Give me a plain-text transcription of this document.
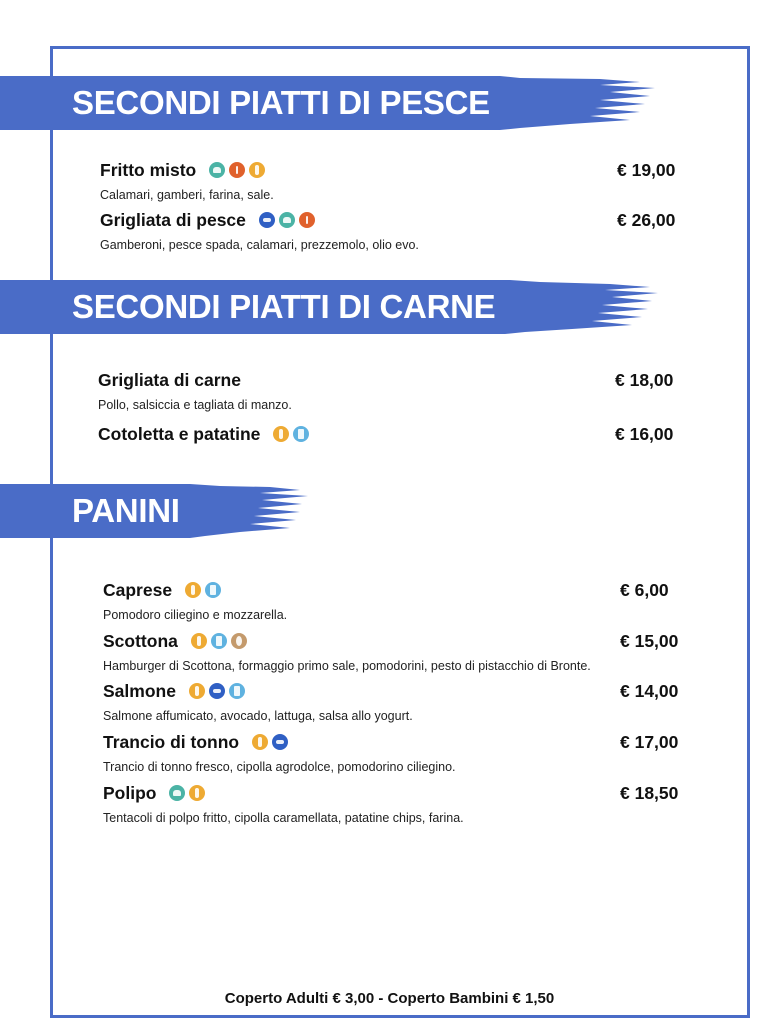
SECONDI PIATTI DI PESCE
Fritto misto	€ 19,00
Calamari, gamberi, farina, sale.
Grigliata di pesce	€ 26,00
Gamberoni, pesce spada, calamari, prezzemolo, olio evo.
SECONDI PIATTI DI CARNE
Grigliata di carne	€ 18,00
Pollo, salsiccia e tagliata di manzo.
Cotoletta e patatine	€ 16,00
PANINI
Caprese	€ 6,00
Pomodoro ciliegino e mozzarella.
Scottona	€ 15,00
Hamburger di Scottona, formaggio primo sale, pomodorini, pesto di pistacchio di Bronte.
Salmone	€ 14,00
Salmone affumicato, avocado, lattuga, salsa allo yogurt.
Trancio di tonno	€ 17,00
Trancio di tonno fresco, cipolla agrodolce, pomodorino ciliegino.
Polipo	€ 18,50
Tentacoli di polpo fritto, cipolla caramellata, patatine chips, farina.
Coperto Adulti € 3,00 - Coperto Bambini € 1,50
